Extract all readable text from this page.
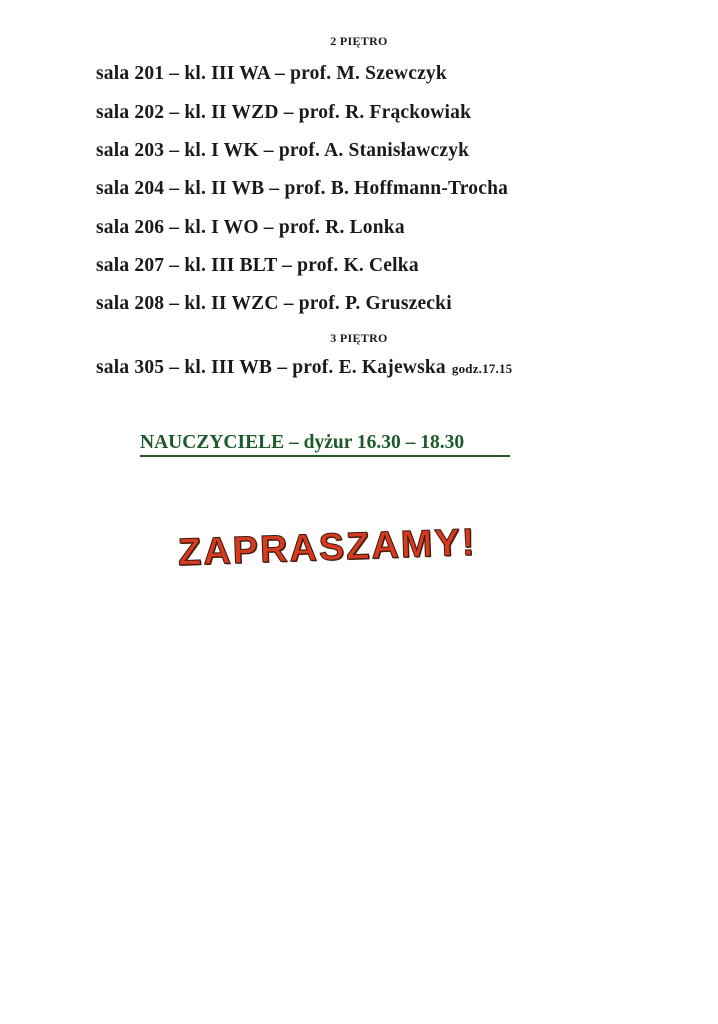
2 PIĘTRO
sala 201 – kl. III WA – prof. M. Szewczyk
sala 202 – kl. II WZD – prof. R. Frąckowiak
sala 203 – kl. I WK – prof. A. Stanisławczyk
sala 204 – kl. II WB – prof. B. Hoffmann-Trocha
sala 206 – kl. I WO – prof. R. Lonka
sala 207 – kl. III BLT – prof. K. Celka
sala 208 – kl. II WZC – prof. P. Gruszecki
3 PIĘTRO
sala 305 – kl. III WB – prof. E. Kajewska godz.17.15
NAUCZYCIELE – dyżur 16.30 – 18.30
ZAPRASZAMY!
